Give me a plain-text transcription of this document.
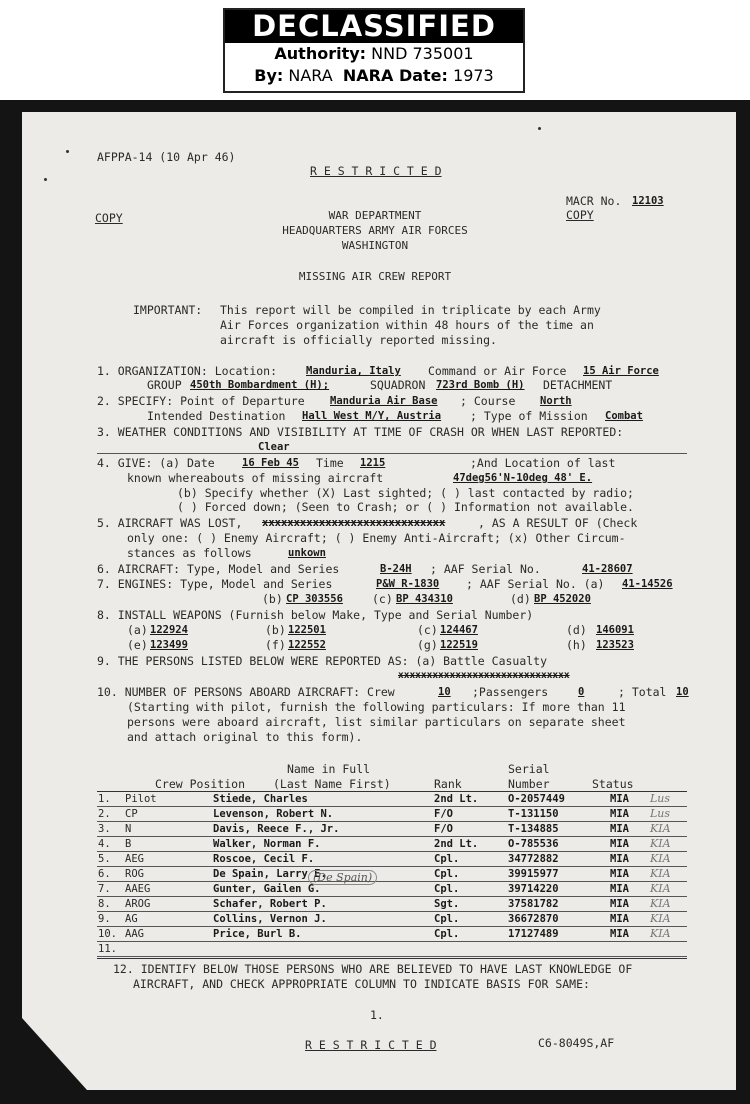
DECLASSIFIED
Authority: NND 735001
By: NARA NARA Date: 1973
AFPPA-14 (10 Apr 46)
R E S T R I C T E D
COPY
MACR No. 12103
COPY
WAR DEPARTMENT
HEADQUARTERS ARMY AIR FORCES
WASHINGTON
MISSING AIR CREW REPORT
IMPORTANT: This report will be compiled in triplicate by each Army
Air Forces organization within 48 hours of the time an
aircraft is officially reported missing.
1. ORGANIZATION: Location:	Manduria, Italy Command or Air Force 15 Air Force
GROUP 450th Bombardment (H);	SQUADRON 723rd Bomb (H) DETACHMENT
2. SPECIFY: Point of Departure Manduria Air Base ; Course North
Intended Destination Hall West M/Y, Austria	; Type of Mission Combat
3. WEATHER CONDITIONS AND VISIBILITY AT TIME OF CRASH OR WHEN LAST REPORTED:
Clear
4. GIVE: (a) Date	16 Feb 45 Time 1215	;And Location of last
known whereabouts of missing aircraft	47deg56'N-10deg 48' E.
(b) Specify whether (X) Last sighted; ( ) last contacted by radio;
( ) Forced down; (Seen to Crash; or ( ) Information not available.
5. AIRCRAFT WAS LOST, xxxxxxxxxxxxxxxxxxxxxxxxxxxxx	, AS A RESULT OF (Check
only one: ( ) Enemy Aircraft; ( ) Enemy Anti-Aircraft; (x) Other Circum-
stances as follows	unkown
6. AIRCRAFT: Type, Model and Series	B-24H ; AAF Serial No.	41-28607
7. ENGINES: Type, Model and Series	P&W R-1830 ; AAF Serial No. (a) 41-14526
(b) CP 303556	(c) BP 434310	(d) BP 452020
8. INSTALL WEAPONS (Furnish below Make, Type and Serial Number)
(a) 122924	(b) 122501	(c) 124467	(d) 146091
(e) 123499	(f) 122552	(g) 122519	(h) 123523
9. THE PERSONS LISTED BELOW WERE REPORTED AS: (a) Battle Casualty
xxxxxxxxxxxxxxxxxxxxxxxxxxxxxx
10. NUMBER OF PERSONS ABOARD AIRCRAFT: Crew	10 ;Passengers	0	; Total 10
(Starting with pilot, furnish the following particulars: If more than 11
persons were aboard aircraft, list similar particulars on separate sheet
and attach original to this form).
Name in Full	Serial
Crew Position (Last Name First)	Rank	Number	Status
1. Pilot	Stiede, Charles	2nd Lt.	O-2057449	MIA Lus
2. CP	Levenson, Robert N.	F/O	T-131150	MIA Lus
3. N	Davis, Reece F., Jr.	F/O	T-134885	MIA KIA
4. B	Walker, Norman F.	2nd Lt.	O-785536	MIA KIA
5. AEG	Roscoe, Cecil F.	Cpl.	34772882	MIA KIA
6. ROG	De Spain, Larry E.	Cpl.	39915977	MIA KIA
7. AAEG	Gunter, Gailen G.	Cpl.	39714220	MIA KIA
8. AROG	Schafer, Robert P.	Sgt.	37581782	MIA KIA
9. AG	Collins, Vernon J.	Cpl.	36672870	MIA KIA
10. AAG	Price, Burl B.	Cpl.	17127489	MIA KIA
11.
(De Spain)
12. IDENTIFY BELOW THOSE PERSONS WHO ARE BELIEVED TO HAVE LAST KNOWLEDGE OF
AIRCRAFT, AND CHECK APPROPRIATE COLUMN TO INDICATE BASIS FOR SAME:
1.
R E S T R I C T E D	C6-8049S,AF
